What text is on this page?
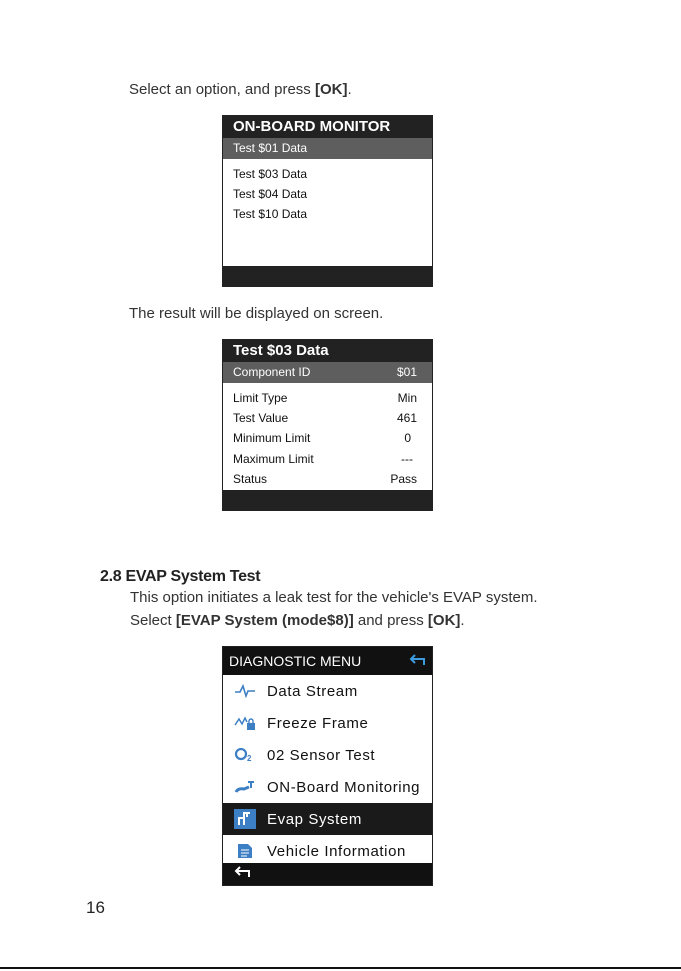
Select an option, and press [OK].
ON-BOARD MONITOR
Test $01 Data
Test $03 Data
Test $04 Data
Test $10 Data
The result will be displayed on screen.
Test $03 Data
Component ID	$01
Limit Type	Min
Test Value	461
Minimum Limit	0
Maximum Limit	---
Status	Pass
2.8 EVAP System Test
This option initiates a leak test for the vehicle's EVAP system.
Select [EVAP System (mode$8)] and press [OK].
DIAGNOSTIC MENU
Data Stream
Freeze Frame
2 02 Sensor Test
ON-Board Monitoring
Evap System
Vehicle Information
16
